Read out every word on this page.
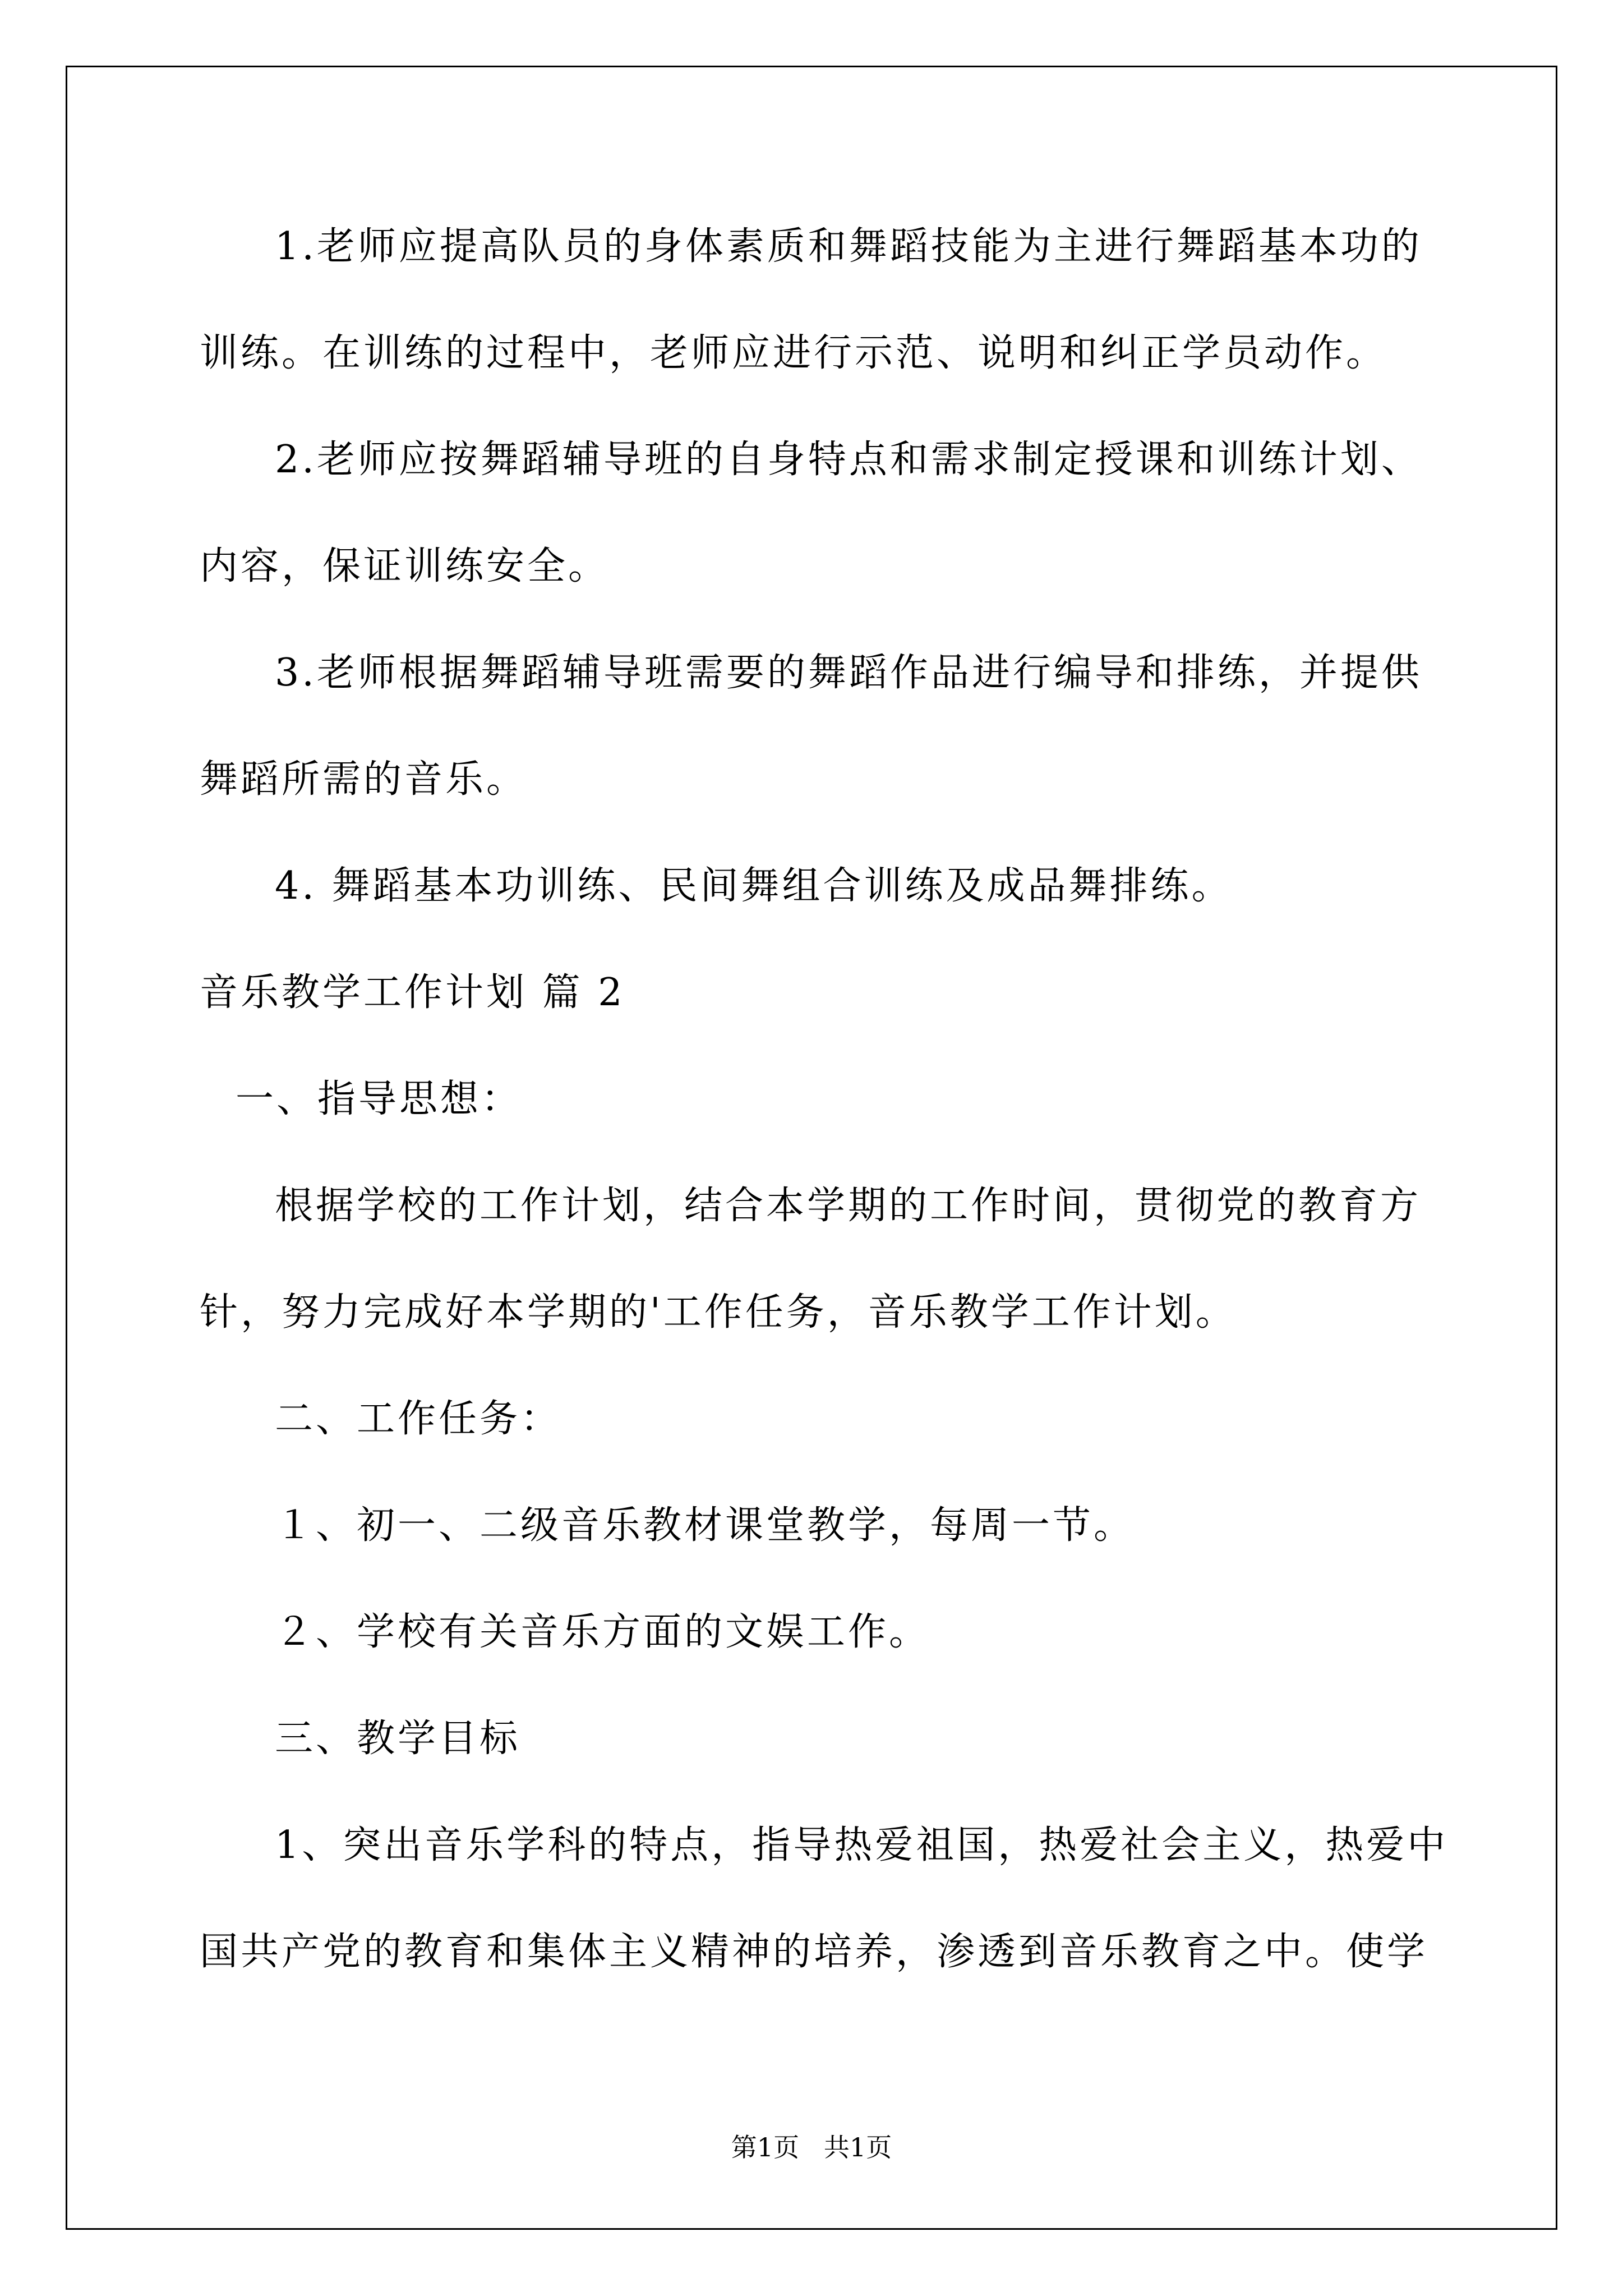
1.老师应提高队员的身体素质和舞蹈技能为主进行舞蹈基本功的
训练。在训练的过程中，老师应进行示范、说明和纠正学员动作。
2.老师应按舞蹈辅导班的自身特点和需求制定授课和训练计划、
内容，保证训练安全。
3.老师根据舞蹈辅导班需要的舞蹈作品进行编导和排练，并提供
舞蹈所需的音乐。
4. 舞蹈基本功训练、民间舞组合训练及成品舞排练。
音乐教学工作计划 篇 2
一、指导思想：
根据学校的工作计划，结合本学期的工作时间，贯彻党的教育方
针，努力完成好本学期的'工作任务，音乐教学工作计划。
二、工作任务：
１、初一、二级音乐教材课堂教学，每周一节。
２、学校有关音乐方面的文娱工作。
三、教学目标
1、突出音乐学科的特点，指导热爱祖国，热爱社会主义，热爱中
国共产党的教育和集体主义精神的培养，渗透到音乐教育之中。使学
第1页   共1页
